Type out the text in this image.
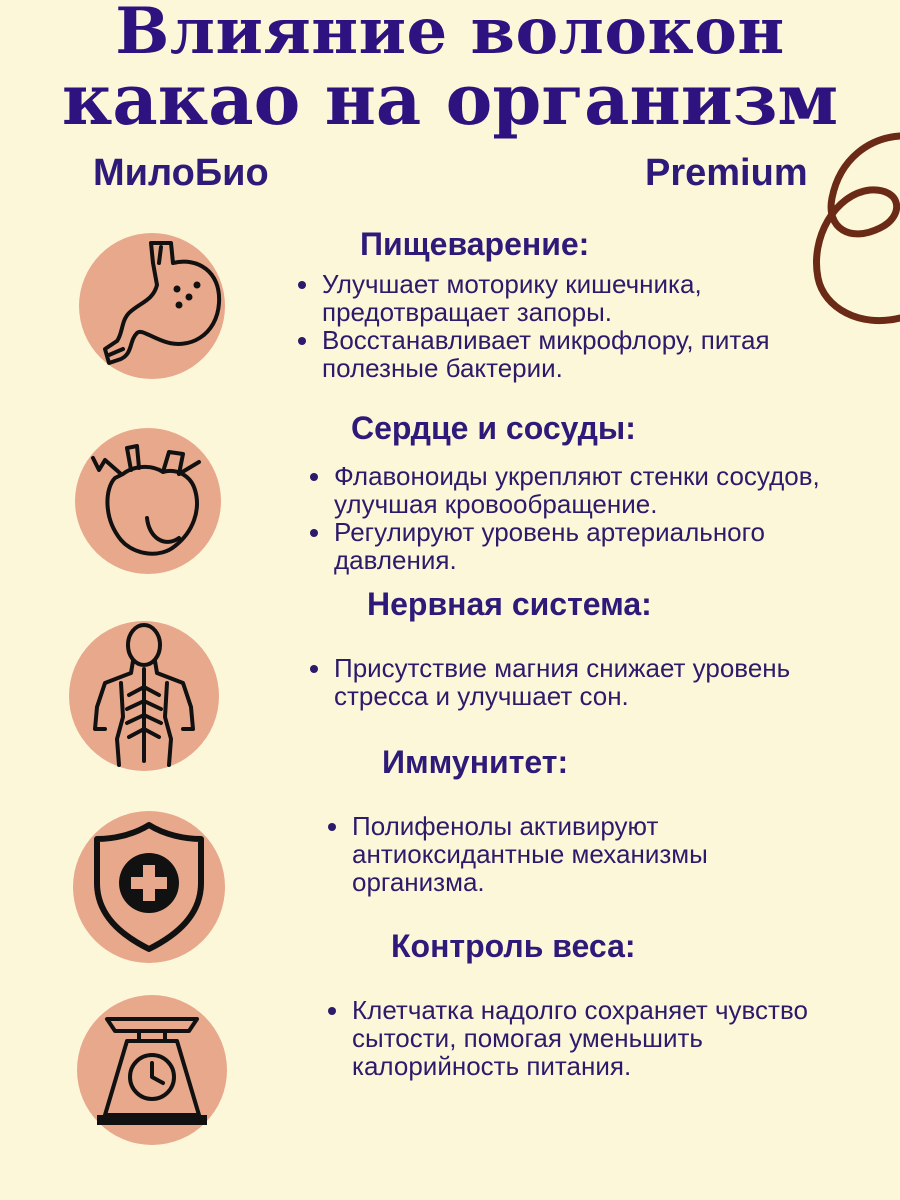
Влияние волокон
какао на организм

МилоБио	Premium

Пищеварение:

Улучшает моторику кишечника, предотвращает запоры.
Восстанавливает микрофлору, питая полезные бактерии.

Сердце и сосуды:

Флавоноиды укрепляют стенки сосудов, улучшая кровообращение.
Регулируют уровень артериального давления.

Нервная система:

Присутствие магния снижает уровень стресса и улучшает сон.

Иммунитет:

Полифенолы активируют антиоксидантные механизмы организма.

Контроль веса:

Клетчатка надолго сохраняет чувство сытости, помогая уменьшить калорийность питания.
